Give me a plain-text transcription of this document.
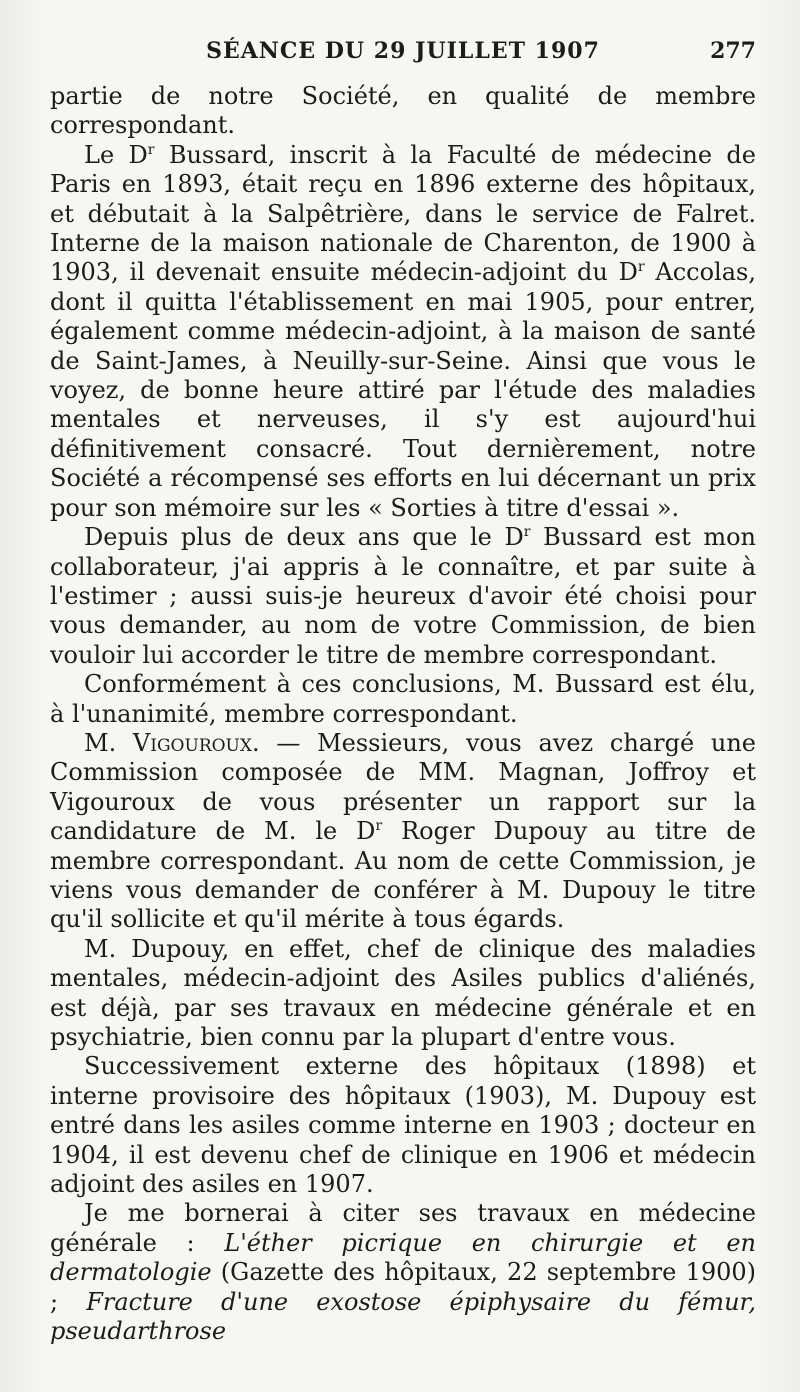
SÉANCE DU 29 JUILLET 1907	277

partie de notre Société, en qualité de membre correspondant.

Le $D^r$ Bussard, inscrit à la Faculté de médecine de Paris en 1893, était reçu en 1896 externe des hôpitaux, et débutait à la Salpêtrière, dans le service de Falret. Interne de la maison nationale de Charenton, de 1900 à 1903, il devenait ensuite médecin-adjoint du $D^r$ Accolas, dont il quitta l'établissement en mai 1905, pour entrer, également comme médecin-adjoint, à la maison de santé de Saint-James, à Neuilly-sur-Seine. Ainsi que vous le voyez, de bonne heure attiré par l'étude des maladies mentales et nerveuses, il s'y est aujourd'hui définitivement consacré. Tout dernièrement, notre Société a récompensé ses efforts en lui décernant un prix pour son mémoire sur les « Sorties à titre d'essai ».

Depuis plus de deux ans que le $D^r$ Bussard est mon collaborateur, j'ai appris à le connaître, et par suite à l'estimer ; aussi suis-je heureux d'avoir été choisi pour vous demander, au nom de votre Commission, de bien vouloir lui accorder le titre de membre correspondant.

Conformément à ces conclusions, M. Bussard est élu, à l'unanimité, membre correspondant.

M. Vigouroux. — Messieurs, vous avez chargé une Commission composée de MM. Magnan, Joffroy et Vigouroux de vous présenter un rapport sur la candidature de M. le $D^r$ Roger Dupouy au titre de membre correspondant. Au nom de cette Commission, je viens vous demander de conférer à M. Dupouy le titre qu'il sollicite et qu'il mérite à tous égards.

M. Dupouy, en effet, chef de clinique des maladies mentales, médecin-adjoint des Asiles publics d'aliénés, est déjà, par ses travaux en médecine générale et en psychiatrie, bien connu par la plupart d'entre vous.

Successivement externe des hôpitaux (1898) et interne provisoire des hôpitaux (1903), M. Dupouy est entré dans les asiles comme interne en 1903 ; docteur en 1904, il est devenu chef de clinique en 1906 et médecin adjoint des asiles en 1907.

Je me bornerai à citer ses travaux en médecine générale : L'éther picrique en chirurgie et en dermatologie (Gazette des hôpitaux, 22 septembre 1900) ; Fracture d'une exostose épiphysaire du fémur, pseudarthrose
